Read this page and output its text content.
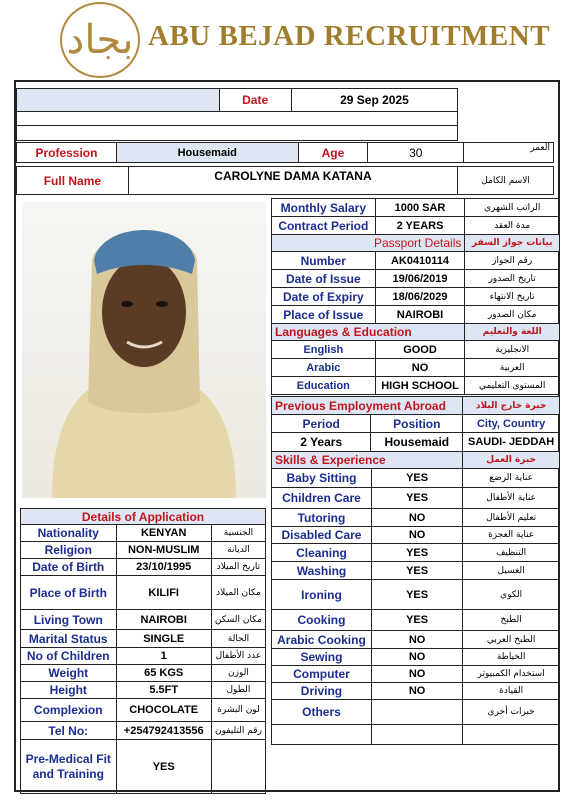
ﺑﺠﺎﺩ ABU BEJAD RECRUITMENT
	Date	29 Sep 2025	

Profession	Housemaid	Age	30	العمر
Full Name	CAROLYNE DAMA KATANA	الاسم الكامل
Monthly Salary	1000 SAR	الراتب الشهري
Contract Period	2 YEARS	مدة العقد
Passport Details		بيانات جواز السفر
Number	AK0410114	رقم الجواز
Date of Issue	19/06/2019	تاريخ الصدور
Date of Expiry	18/06/2029	تاريخ الانتهاء
Place of Issue	NAIROBI	مكان الصدور
Languages & Education		اللغة والتعليم
English	GOOD	الانجليزية
Arabic	NO	العربية
Education	HIGH SCHOOL	المستوى التعليمي
Previous Employment Abroad		خبرة خارج البلاد
Period	Position	City, Country
2 Years	Housemaid	SAUDI- JEDDAH
Skills & Experience		خبرة العمل
Baby Sitting	YES	عناية الرضع
Children Care	YES	عناية الأطفال
Tutoring	NO	تعليم الأطفال
Disabled Care	NO	عناية العجزة
Cleaning	YES	التنظيف
Washing	YES	الغسيل
Ironing	YES	الكوي
Cooking	YES	الطبخ
Arabic Cooking	NO	الطبخ العربي
Sewing	NO	الخياطة
Computer	NO	استخدام الكمبيوتر
Driving	NO	القيادة
Others		خبرات أخرى

Details of Application		
Nationality	KENYAN	الجنسية
Religion	NON-MUSLIM	الديانة
Date of Birth	23/10/1995	تاريخ الميلاد
Place of Birth	KILIFI	مكان الميلاد
Living Town	NAIROBI	مكان السكن
Marital Status	SINGLE	الحالة
No of Children	1	عدد الأطفال
Weight	65 KGS	الوزن
Height	5.5FT	الطول
Complexion	CHOCOLATE	لون البشرة
Tel No:	+254792413556	رقم التليفون
Pre-Medical Fit and Training	YES	
